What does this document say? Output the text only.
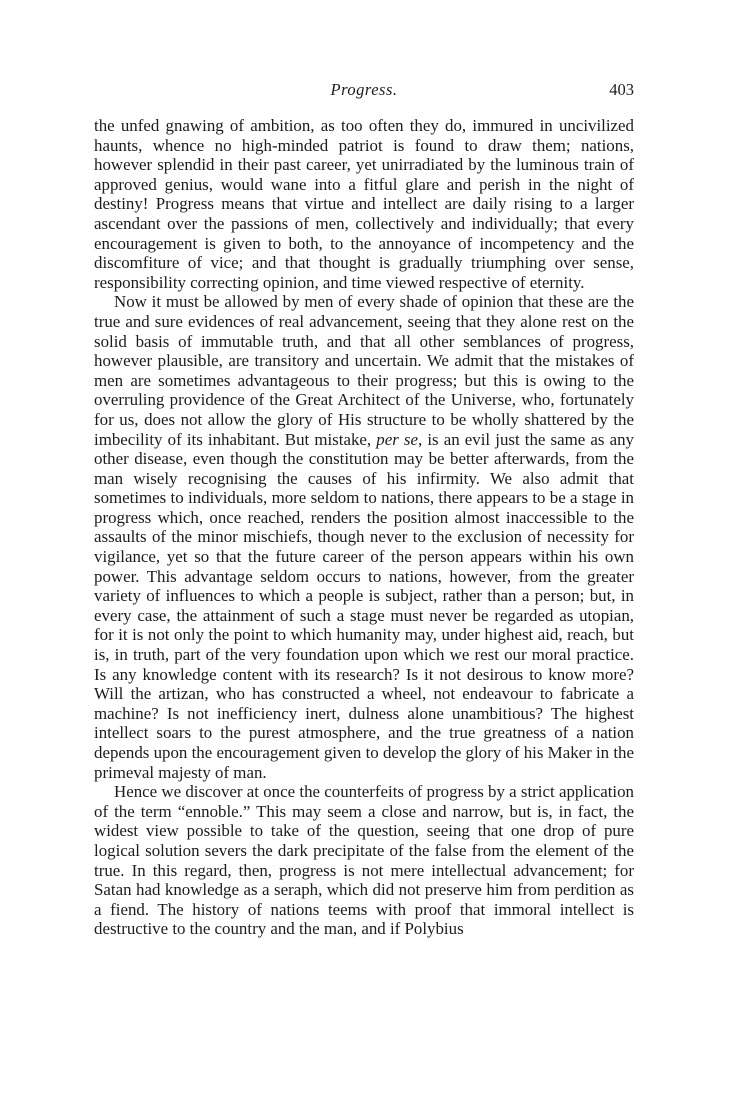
Progress.	403

the unfed gnawing of ambition, as too often they do, immured in uncivilized haunts, whence no high-minded patriot is found to draw them; nations, however splendid in their past career, yet unirradiated by the luminous train of approved genius, would wane into a fitful glare and perish in the night of destiny! Progress means that virtue and intellect are daily rising to a larger ascendant over the passions of men, collectively and individually; that every encouragement is given to both, to the annoyance of incompetency and the discomfiture of vice; and that thought is gradually triumphing over sense, responsibility correcting opinion, and time viewed respective of eternity.

Now it must be allowed by men of every shade of opinion that these are the true and sure evidences of real advancement, seeing that they alone rest on the solid basis of immutable truth, and that all other semblances of progress, however plausible, are transitory and uncertain. We admit that the mistakes of men are sometimes advantageous to their progress; but this is owing to the overruling providence of the Great Architect of the Universe, who, fortunately for us, does not allow the glory of His structure to be wholly shattered by the imbecility of its inhabitant. But mistake, per se, is an evil just the same as any other disease, even though the constitution may be better afterwards, from the man wisely recognising the causes of his infirmity. We also admit that sometimes to individuals, more seldom to nations, there appears to be a stage in progress which, once reached, renders the position almost inaccessible to the assaults of the minor mischiefs, though never to the exclusion of necessity for vigilance, yet so that the future career of the person appears within his own power. This advantage seldom occurs to nations, however, from the greater variety of influences to which a people is subject, rather than a person; but, in every case, the attainment of such a stage must never be regarded as utopian, for it is not only the point to which humanity may, under highest aid, reach, but is, in truth, part of the very foundation upon which we rest our moral practice. Is any knowledge content with its research? Is it not desirous to know more? Will the artizan, who has constructed a wheel, not endeavour to fabricate a machine? Is not inefficiency inert, dulness alone unambitious? The highest intellect soars to the purest atmosphere, and the true greatness of a nation depends upon the encouragement given to develop the glory of his Maker in the primeval majesty of man.

Hence we discover at once the counterfeits of progress by a strict application of the term “ennoble.” This may seem a close and narrow, but is, in fact, the widest view possible to take of the question, seeing that one drop of pure logical solution severs the dark precipitate of the false from the element of the true. In this regard, then, progress is not mere intellectual advancement; for Satan had knowledge as a seraph, which did not preserve him from perdition as a fiend. The history of nations teems with proof that immoral intellect is destructive to the country and the man, and if Polybius
